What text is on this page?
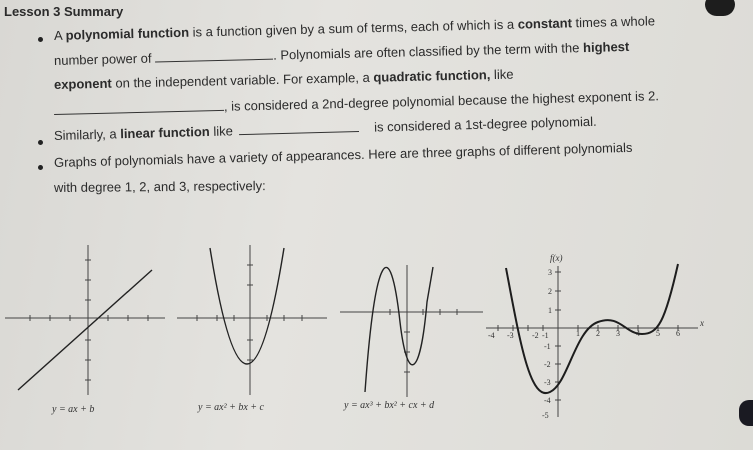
Lesson 3 Summary
A polynomial function is a function given by a sum of terms, each of which is a constant times a whole
number power of	. Polynomials are often classified by the term with the highest
exponent on the independent variable. For example, a quadratic function, like
, is considered a 2nd-degree polynomial because the highest exponent is 2.
Similarly, a linear function like	is considered a 1st-degree polynomial.
Graphs of polynomials have a variety of appearances. Here are three graphs of different polynomials
with degree 1, 2, and 3, respectively:
y = ax + b	y = ax² + bx + c	y = ax³ + bx² + cx + d
f(x)
x
-4 -3 -2 -1	1 2 3 4 5 6
3
2
1
-1
-2
-3
-4
-5
